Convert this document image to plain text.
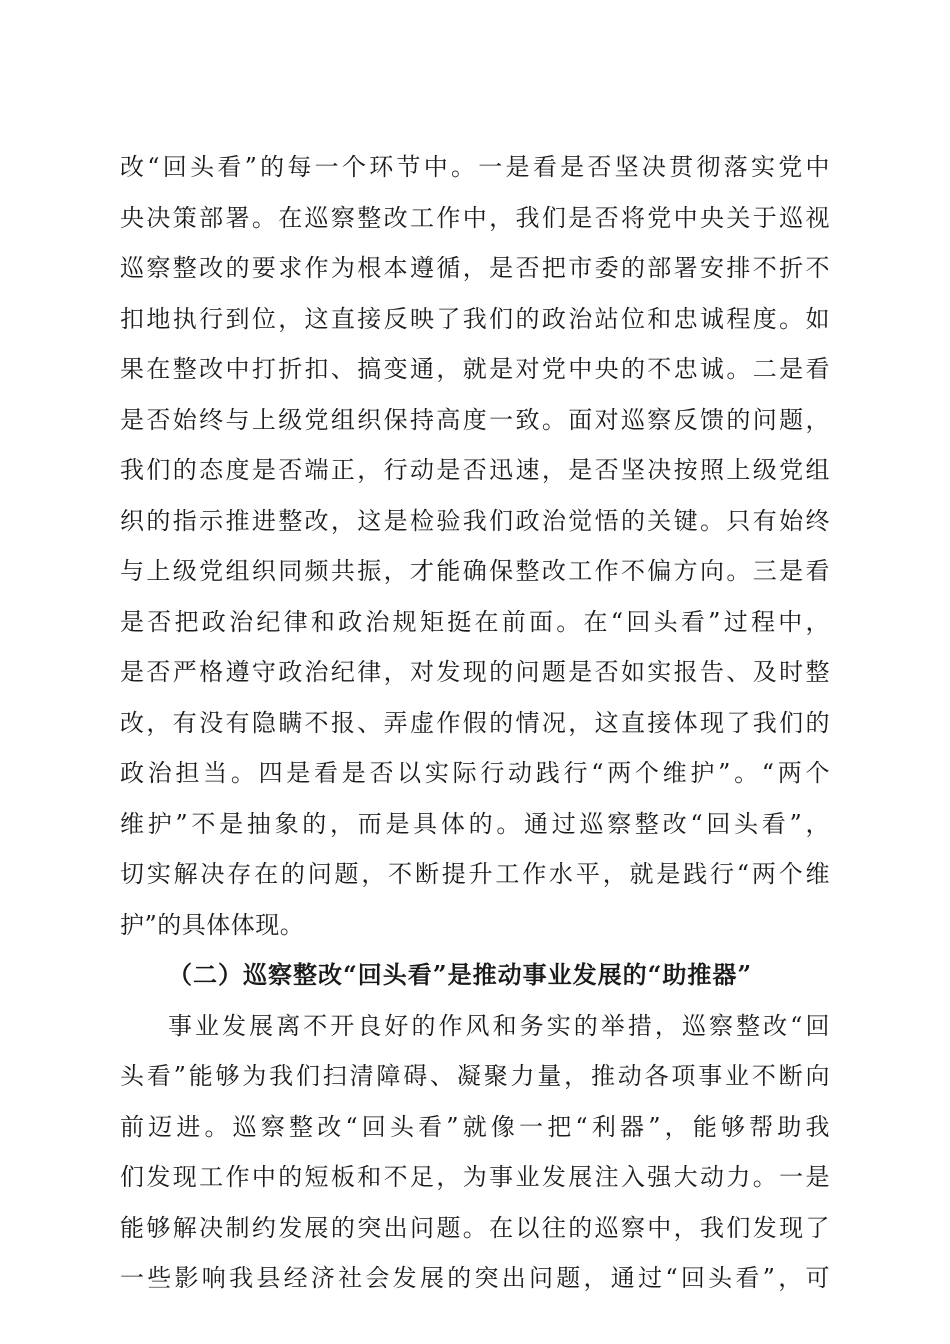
改“回头看”的每一个环节中。一是看是否坚决贯彻落实党中
央决策部署。在巡察整改工作中，我们是否将党中央关于巡视
巡察整改的要求作为根本遵循，是否把市委的部署安排不折不
扣地执行到位，这直接反映了我们的政治站位和忠诚程度。如
果在整改中打折扣、搞变通，就是对党中央的不忠诚。二是看
是否始终与上级党组织保持高度一致。面对巡察反馈的问题，
我们的态度是否端正，行动是否迅速，是否坚决按照上级党组
织的指示推进整改，这是检验我们政治觉悟的关键。只有始终
与上级党组织同频共振，才能确保整改工作不偏方向。三是看
是否把政治纪律和政治规矩挺在前面。在“回头看”过程中，
是否严格遵守政治纪律，对发现的问题是否如实报告、及时整
改，有没有隐瞒不报、弄虚作假的情况，这直接体现了我们的
政治担当。四是看是否以实际行动践行“两个维护”。“两个
维护”不是抽象的，而是具体的。通过巡察整改“回头看”，
切实解决存在的问题，不断提升工作水平，就是践行“两个维
护”的具体体现。
（二）巡察整改“回头看”是推动事业发展的“助推器”
事业发展离不开良好的作风和务实的举措，巡察整改“回
头看”能够为我们扫清障碍、凝聚力量，推动各项事业不断向
前迈进。巡察整改“回头看”就像一把“利器”，能够帮助我
们发现工作中的短板和不足，为事业发展注入强大动力。一是
能够解决制约发展的突出问题。在以往的巡察中，我们发现了
一些影响我县经济社会发展的突出问题，通过“回头看”，可
